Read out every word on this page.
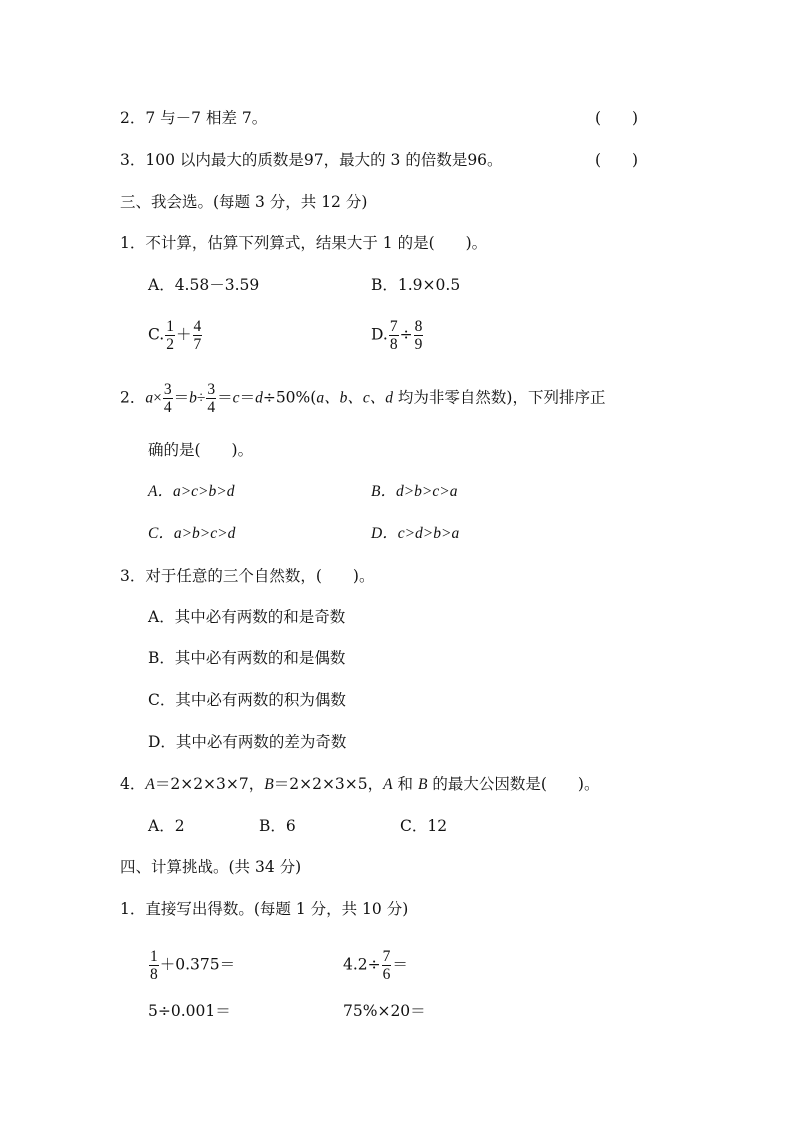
2．7 与－7 相差 7。	(　　)
3．100 以内最大的质数是97，最大的 3 的倍数是96。	(　　)
三、我会选。(每题 3 分，共 12 分)
1．不计算，估算下列算式，结果大于 1 的是(　　)。
A．4.58－3.59	B．1.9×0.5
C. $\frac{1}{2} + \frac{4}{7}$	D. $\frac{7}{8} \div \frac{8}{9}$
2．$a\times \frac{3}{4} =b\div \frac{3}{4} =c=d\div 50\%(a$、b、c、d 均为非零自然数)，下列排序正
确的是(　　)。
A．a>c>b>d	B．d>b>c>a
C．a>b>c>d	D．c>d>b>a
3．对于任意的三个自然数，(　　)。
A．其中必有两数的和是奇数
B．其中必有两数的和是偶数
C．其中必有两数的积为偶数
D．其中必有两数的差为奇数
4．A＝2×2×3×7，B＝2×2×3×5，A 和 B 的最大公因数是(　　)。
A．2	B．6	C．12
四、计算挑战。(共 34 分)
1．直接写出得数。(每题 1 分，共 10 分)
$\frac{1}{8} +0.375=$	$4.2\div \frac{7}{6}$ ＝
5÷0.001＝	75%×20＝
